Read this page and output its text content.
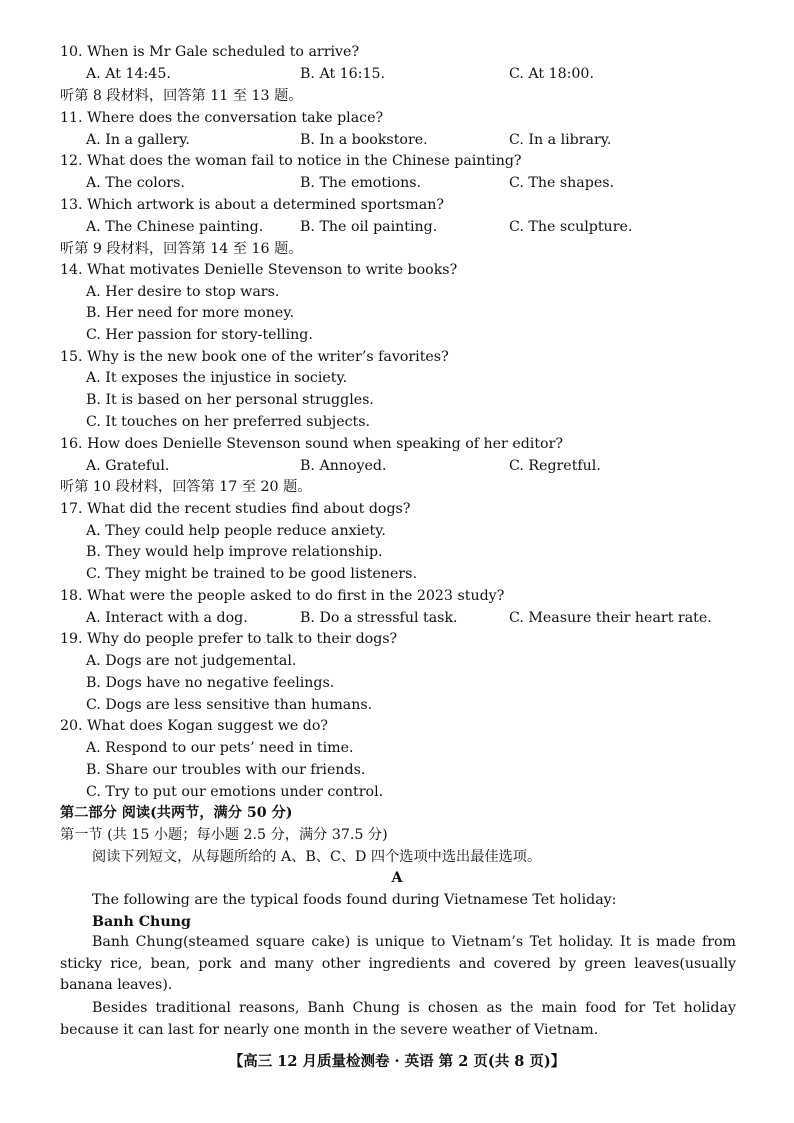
10. When is Mr Gale scheduled to arrive?
A. At 14:45.	B. At 16:15.	C. At 18:00.
听第 8 段材料，回答第 11 至 13 题。
11. Where does the conversation take place?
A. In a gallery.	B. In a bookstore.	C. In a library.
12. What does the woman fail to notice in the Chinese painting?
A. The colors.	B. The emotions.	C. The shapes.
13. Which artwork is about a determined sportsman?
A. The Chinese painting.	B. The oil painting.	C. The sculpture.
听第 9 段材料，回答第 14 至 16 题。
14. What motivates Denielle Stevenson to write books?
A. Her desire to stop wars.
B. Her need for more money.
C. Her passion for story-telling.
15. Why is the new book one of the writer’s favorites?
A. It exposes the injustice in society.
B. It is based on her personal struggles.
C. It touches on her preferred subjects.
16. How does Denielle Stevenson sound when speaking of her editor?
A. Grateful.	B. Annoyed.	C. Regretful.
听第 10 段材料，回答第 17 至 20 题。
17. What did the recent studies find about dogs?
A. They could help people reduce anxiety.
B. They would help improve relationship.
C. They might be trained to be good listeners.
18. What were the people asked to do first in the 2023 study?
A. Interact with a dog.	B. Do a stressful task.	C. Measure their heart rate.
19. Why do people prefer to talk to their dogs?
A. Dogs are not judgemental.
B. Dogs have no negative feelings.
C. Dogs are less sensitive than humans.
20. What does Kogan suggest we do?
A. Respond to our pets’ need in time.
B. Share our troubles with our friends.
C. Try to put our emotions under control.
第二部分 阅读(共两节，满分 50 分)
第一节 (共 15 小题；每小题 2.5 分，满分 37.5 分)
阅读下列短文，从每题所给的 A、B、C、D 四个选项中选出最佳选项。
A
The following are the typical foods found during Vietnamese Tet holiday:
Banh Chung

Banh Chung(steamed square cake) is unique to Vietnam’s Tet holiday. It is made from sticky rice, bean, pork and many other ingredients and covered by green leaves(usually banana leaves).

Besides traditional reasons, Banh Chung is chosen as the main food for Tet holiday because it can last for nearly one month in the severe weather of Vietnam.

【高三 12 月质量检测卷 · 英语 第 2 页(共 8 页)】
